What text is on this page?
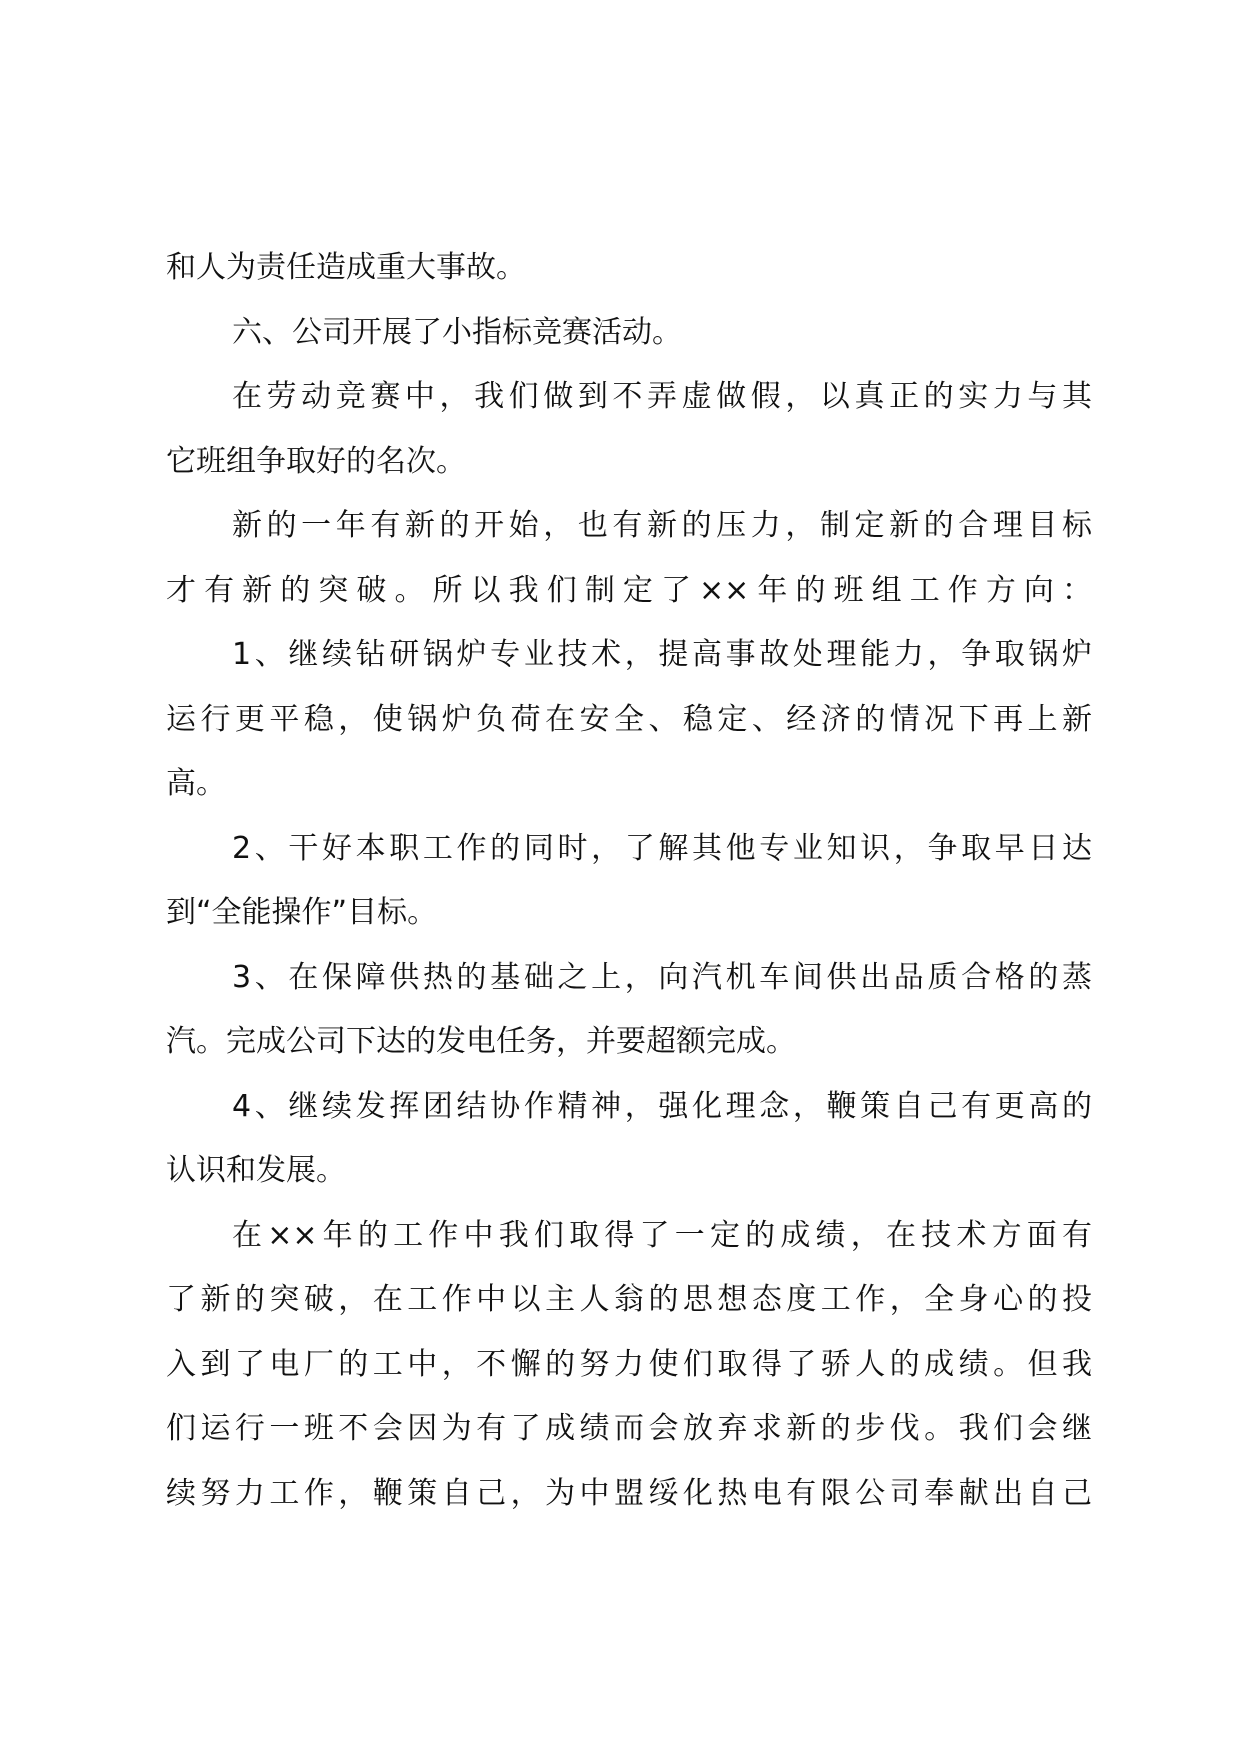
和人为责任造成重大事故。
六、公司开展了小指标竞赛活动。
在劳动竞赛中，我们做到不弄虚做假，以真正的实力与其
它班组争取好的名次。
新的一年有新的开始，也有新的压力，制定新的合理目标
才有新的突破。所以我们制定了××年的班组工作方向：
1、继续钻研锅炉专业技术，提高事故处理能力，争取锅炉
运行更平稳，使锅炉负荷在安全、稳定、经济的情况下再上新
高。
2、干好本职工作的同时，了解其他专业知识，争取早日达
到“全能操作”目标。
3、在保障供热的基础之上，向汽机车间供出品质合格的蒸
汽。完成公司下达的发电任务，并要超额完成。
4、继续发挥团结协作精神，强化理念，鞭策自己有更高的
认识和发展。
在××年的工作中我们取得了一定的成绩，在技术方面有
了新的突破，在工作中以主人翁的思想态度工作，全身心的投
入到了电厂的工中，不懈的努力使们取得了骄人的成绩。但我
们运行一班不会因为有了成绩而会放弃求新的步伐。我们会继
续努力工作，鞭策自己，为中盟绥化热电有限公司奉献出自己
